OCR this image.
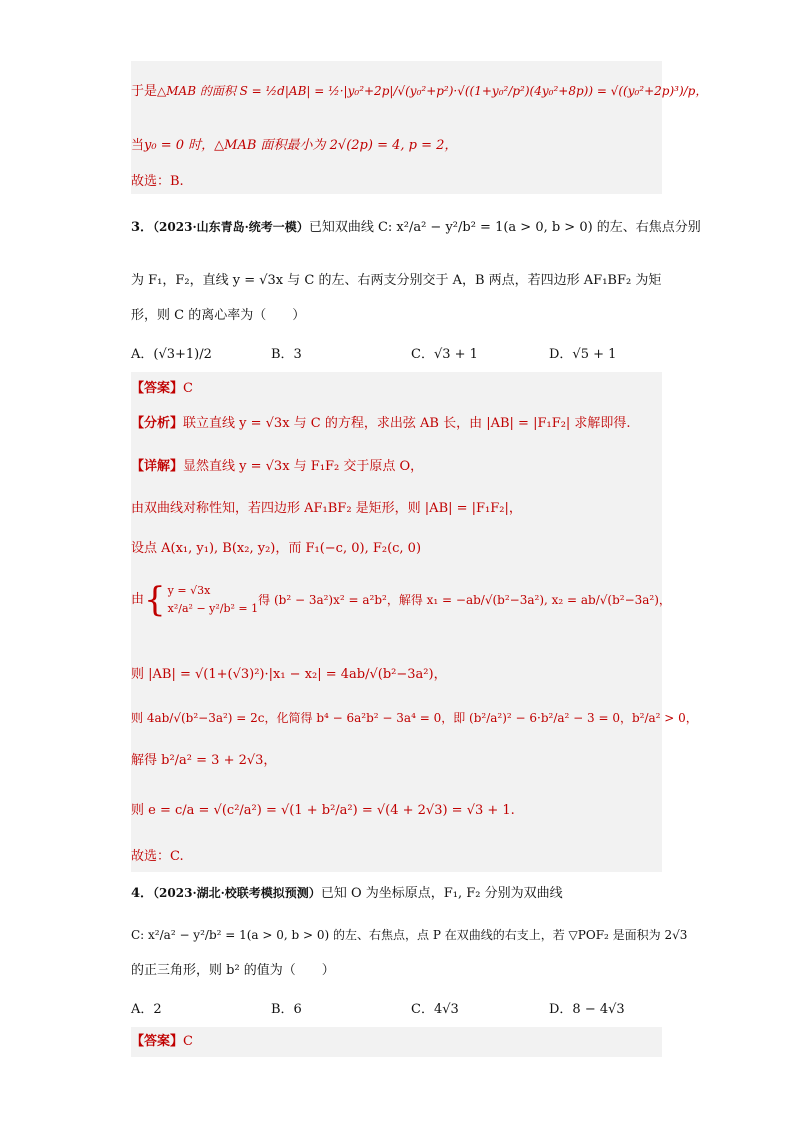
于是△MAB 的面积 S = ½d|AB| = ½·|y₀²+2p|/√(y₀²+p²)·√((1+y₀²/p²)(4y₀²+8p)) = √((y₀²+2p)³)/p，
当y₀ = 0 时，△MAB 面积最小为 2√(2p) = 4, p = 2，
故选：B.
3．（2023·山东青岛·统考一模）已知双曲线 C: x²/a² − y²/b² = 1(a > 0, b > 0) 的左、右焦点分别
为 F₁，F₂，直线 y = √3x 与 C 的左、右两支分别交于 A，B 两点，若四边形 AF₁BF₂ 为矩
形，则 C 的离心率为（　　）
A．(√3+1)/2	B．3	C．√3 + 1	D．√5 + 1
【答案】C
【分析】联立直线 y = √3x 与 C 的方程，求出弦 AB 长，由 |AB| = |F₁F₂| 求解即得.
【详解】显然直线 y = √3x 与 F₁F₂ 交于原点 O，
由双曲线对称性知，若四边形 AF₁BF₂ 是矩形，则 |AB| = |F₁F₂|，
设点 A(x₁, y₁), B(x₂, y₂)，而 F₁(−c, 0), F₂(c, 0)
由{ y = √3x
x²/a² − y²/b² = 1
得 (b² − 3a²)x² = a²b²，解得 x₁ = −ab/√(b²−3a²), x₂ = ab/√(b²−3a²)，
则 |AB| = √(1+(√3)²)·|x₁ − x₂| = 4ab/√(b²−3a²)，
则 4ab/√(b²−3a²) = 2c，化简得 b⁴ − 6a²b² − 3a⁴ = 0，即 (b²/a²)² − 6·b²/a² − 3 = 0，b²/a² > 0，
解得 b²/a² = 3 + 2√3，
则 e = c/a = √(c²/a²) = √(1 + b²/a²) = √(4 + 2√3) = √3 + 1.
故选：C.
4．（2023·湖北·校联考模拟预测）已知 O 为坐标原点，F₁, F₂ 分别为双曲线
C: x²/a² − y²/b² = 1(a > 0, b > 0) 的左、右焦点，点 P 在双曲线的右支上，若 ▽POF₂ 是面积为 2√3
的正三角形，则 b² 的值为（　　）
A．2	B．6	C．4√3	D．8 − 4√3
【答案】C
